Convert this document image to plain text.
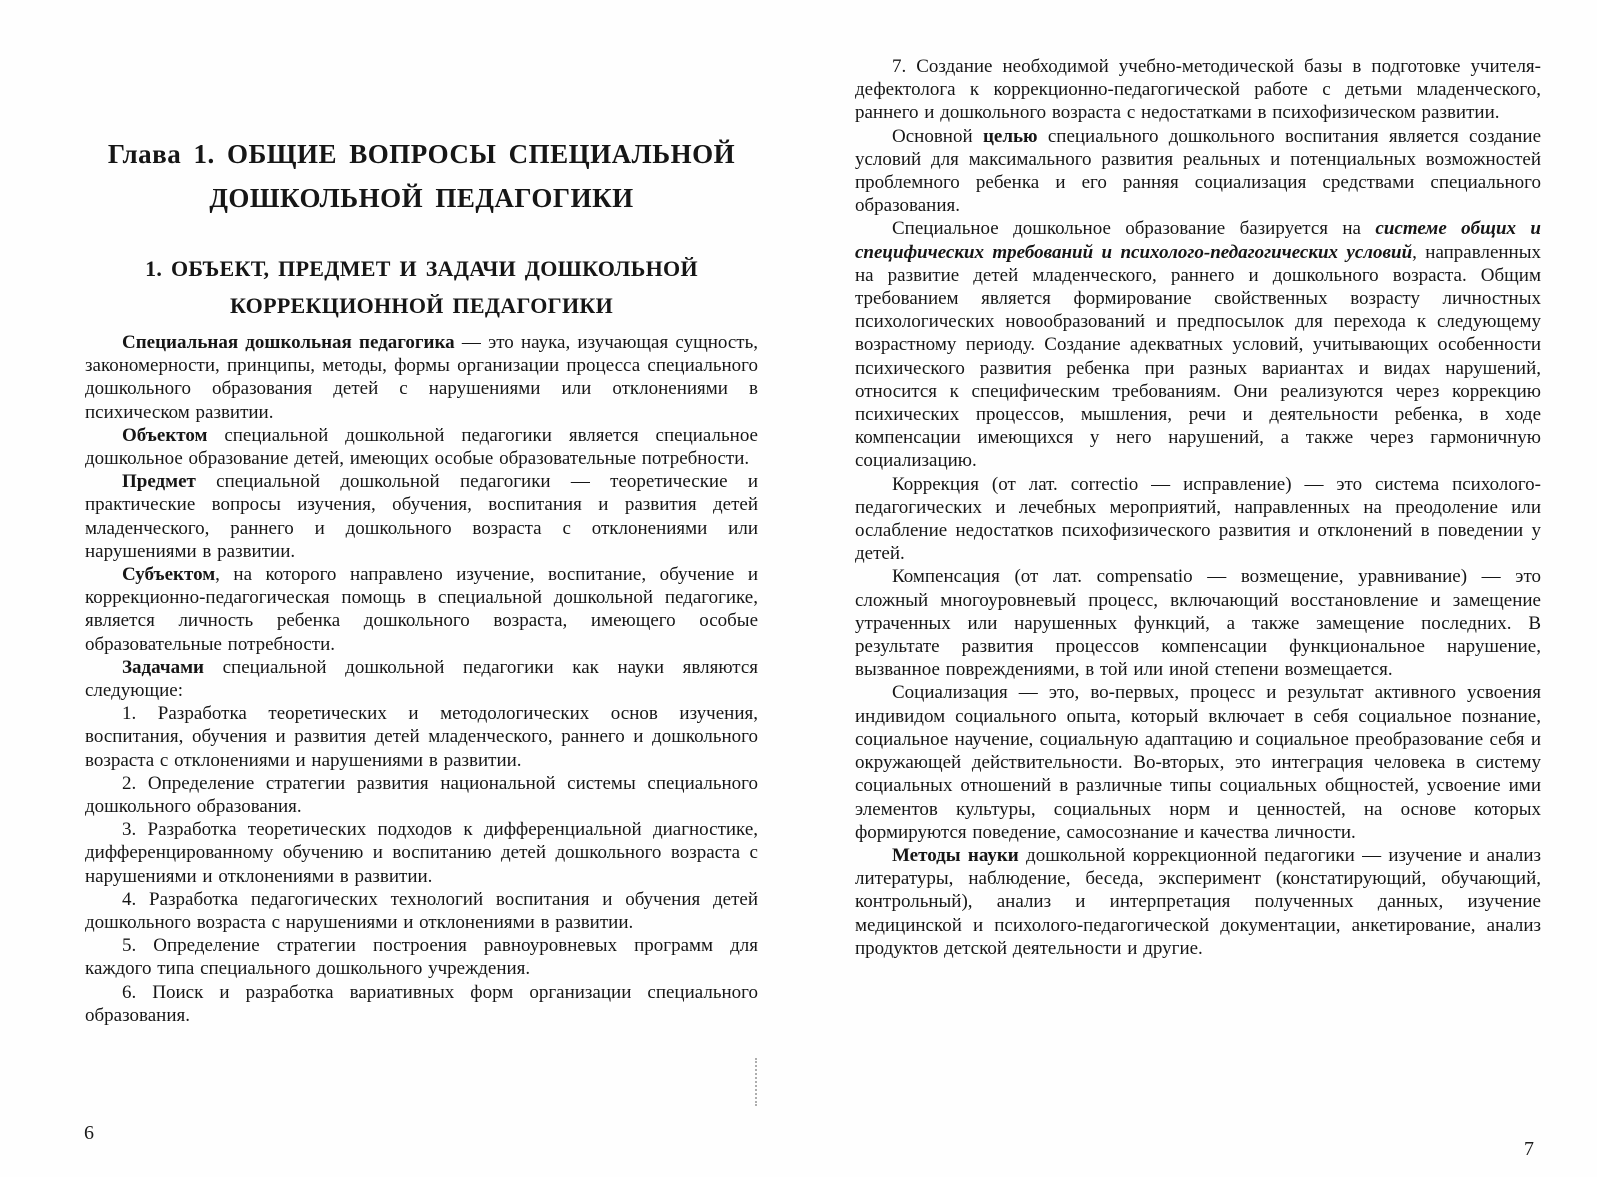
Глава 1. ОБЩИЕ ВОПРОСЫ СПЕЦИАЛЬНОЙ ДОШКОЛЬНОЙ ПЕДАГОГИКИ
1. ОБЪЕКТ, ПРЕДМЕТ И ЗАДАЧИ ДОШКОЛЬНОЙ КОРРЕКЦИОННОЙ ПЕДАГОГИКИ

Специальная дошкольная педагогика — это наука, изучающая сущность, закономерности, принципы, методы, формы организации процесса специального дошкольного образования детей с нарушениями или отклонениями в психическом развитии.

Объектом специальной дошкольной педагогики является специальное дошкольное образование детей, имеющих особые образовательные потребности.

Предмет специальной дошкольной педагогики — теоретические и практические вопросы изучения, обучения, воспитания и развития детей младенческого, раннего и дошкольного возраста с отклонениями или нарушениями в развитии.

Субъектом, на которого направлено изучение, воспитание, обучение и коррекционно-педагогическая помощь в специальной дошкольной педагогике, является личность ребенка дошкольного возраста, имеющего особые образовательные потребности.

Задачами специальной дошкольной педагогики как науки являются следующие:

1. Разработка теоретических и методологических основ изучения, воспитания, обучения и развития детей младенческого, раннего и дошкольного возраста с отклонениями и нарушениями в развитии.

2. Определение стратегии развития национальной системы специального дошкольного образования.

3. Разработка теоретических подходов к дифференциальной диагностике, дифференцированному обучению и воспитанию детей дошкольного возраста с нарушениями и отклонениями в развитии.

4. Разработка педагогических технологий воспитания и обучения детей дошкольного возраста с нарушениями и отклонениями в развитии.

5. Определение стратегии построения равноуровневых программ для каждого типа специального дошкольного учреждения.

6. Поиск и разработка вариативных форм организации специального образования.

7. Создание необходимой учебно-методической базы в подготовке учителя-дефектолога к коррекционно-педагогической работе с детьми младенческого, раннего и дошкольного возраста с недостатками в психофизическом развитии.

Основной целью специального дошкольного воспитания является создание условий для максимального развития реальных и потенциальных возможностей проблемного ребенка и его ранняя социализация средствами специального образования.

Специальное дошкольное образование базируется на системе общих и специфических требований и психолого-педагогических условий, направленных на развитие детей младенческого, раннего и дошкольного возраста. Общим требованием является формирование свойственных возрасту личностных психологических новообразований и предпосылок для перехода к следующему возрастному периоду. Создание адекватных условий, учитывающих особенности психического развития ребенка при разных вариантах и видах нарушений, относится к специфическим требованиям. Они реализуются через коррекцию психических процессов, мышления, речи и деятельности ребенка, в ходе компенсации имеющихся у него нарушений, а также через гармоничную социализацию.

Коррекция (от лат. correctio — исправление) — это система психолого-педагогических и лечебных мероприятий, направленных на преодоление или ослабление недостатков психофизического развития и отклонений в поведении у детей.

Компенсация (от лат. compensatio — возмещение, уравнивание) — это сложный многоуровневый процесс, включающий восстановление и замещение утраченных или нарушенных функций, а также замещение последних. В результате развития процессов компенсации функциональное нарушение, вызванное повреждениями, в той или иной степени возмещается.

Социализация — это, во-первых, процесс и результат активного усвоения индивидом социального опыта, который включает в себя социальное познание, социальное научение, социальную адаптацию и социальное преобразование себя и окружающей действительности. Во-вторых, это интеграция человека в систему социальных отношений в различные типы социальных общностей, усвоение ими элементов культуры, социальных норм и ценностей, на основе которых формируются поведение, самосознание и качества личности.

Методы науки дошкольной коррекционной педагогики — изучение и анализ литературы, наблюдение, беседа, эксперимент (констатирующий, обучающий, контрольный), анализ и интерпретация полученных данных, изучение медицинской и психолого-педагогической документации, анкетирование, анализ продуктов детской деятельности и другие.

6
7
